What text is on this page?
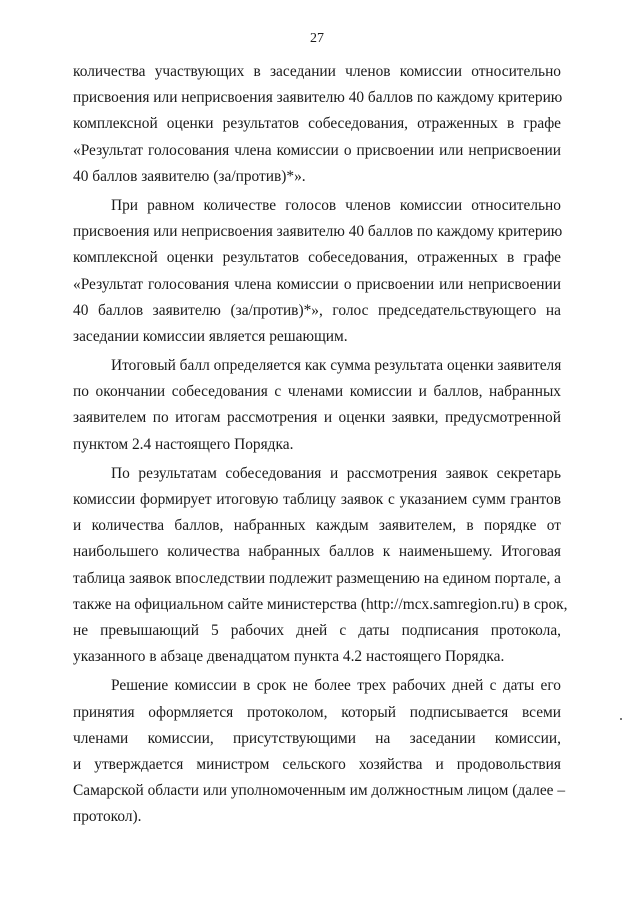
27
количества участвующих в заседании членов комиссии относительно
присвоения или неприсвоения заявителю 40 баллов по каждому критерию
комплексной оценки результатов собеседования, отраженных в графе
«Результат голосования члена комиссии о присвоении или неприсвоении
40 баллов заявителю (за/против)*».
При равном количестве голосов членов комиссии относительно
присвоения или неприсвоения заявителю 40 баллов по каждому критерию
комплексной оценки результатов собеседования, отраженных в графе
«Результат голосования члена комиссии о присвоении или неприсвоении
40 баллов заявителю (за/против)*», голос председательствующего на
заседании комиссии является решающим.
Итоговый балл определяется как сумма результата оценки заявителя
по окончании собеседования с членами комиссии и баллов, набранных
заявителем по итогам рассмотрения и оценки заявки, предусмотренной
пунктом 2.4 настоящего Порядка.
По результатам собеседования и рассмотрения заявок секретарь
комиссии формирует итоговую таблицу заявок с указанием сумм грантов
и количества баллов, набранных каждым заявителем, в порядке от
наибольшего количества набранных баллов к наименьшему. Итоговая
таблица заявок впоследствии подлежит размещению на едином портале, а
также на официальном сайте министерства (http://mcx.samregion.ru) в срок,
не превышающий 5 рабочих дней с даты подписания протокола,
указанного в абзаце двенадцатом пункта 4.2 настоящего Порядка.
Решение комиссии в срок не более трех рабочих дней с даты его
принятия оформляется протоколом, который подписывается всеми
членами комиссии, присутствующими на заседании комиссии,
и утверждается министром сельского хозяйства и продовольствия
Самарской области или уполномоченным им должностным лицом (далее –
протокол).
